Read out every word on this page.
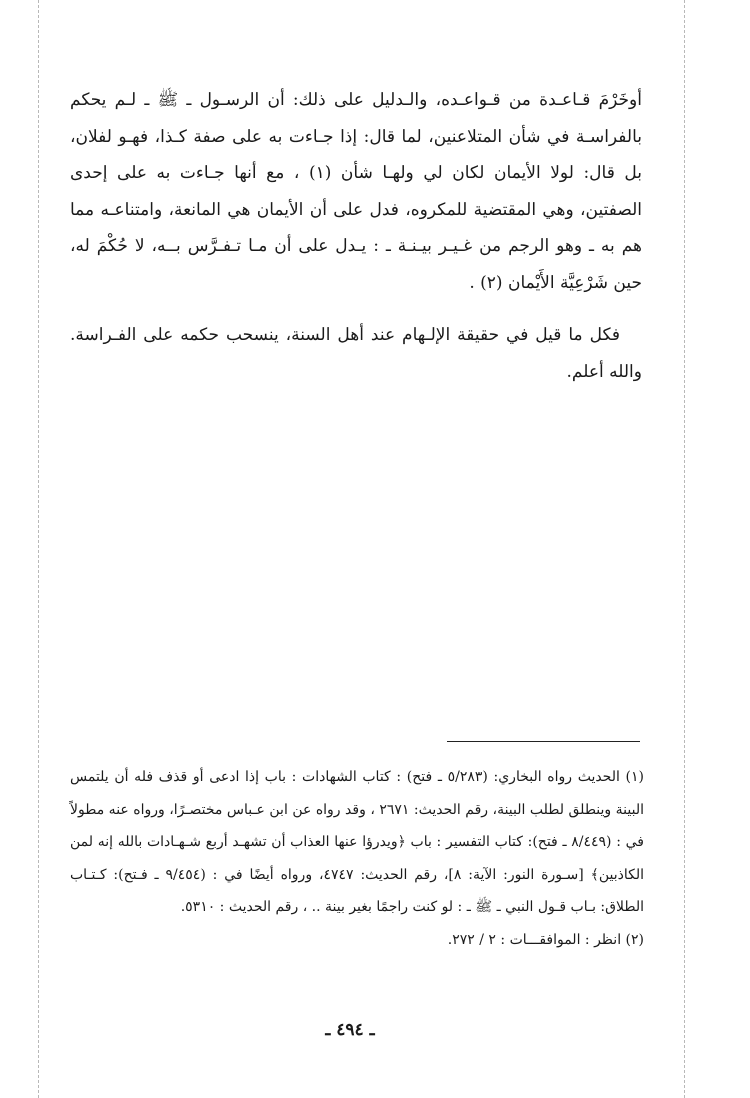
أوخَرْمَ قـاعـدة من قـواعـده، والـدليل على ذلك: أن الرسـول ـ ﷺ ـ لـم يحكم بالفراسـة في شأن المتلاعنين، لما قال: إذا جـاءت به على صفة كـذا، فهـو لفلان، بل قال: لولا الأيمان لكان لي ولهـا شأن (١) ، مع أنها جـاءت به على إحدى الصفتين، وهي المقتضية للمكروه، فدل على أن الأيمان هي المانعة، وامتناعـه مما هم به ـ وهو الرجم من غـيـر بيـنـة ـ : يـدل على أن مـا تـفـرَّس بــه، لا حُكْمَ له، حين شَرْعِيَّة الأَيْمان (٢) .

فكل ما قيل في حقيقة الإلـهام عند أهل السنة، ينسحب حكمه على الفـراسة. والله أعلم.

(١) الحديث رواه البخاري: (٥/٢٨٣ ـ فتح) : كتاب الشهادات : باب إذا ادعى أو قذف فله أن يلتمس البينة وينطلق لطلب البينة، رقم الحديث: ٢٦٧١ ، وقد رواه عن ابن عـباس مختصـرًا، ورواه عنه مطولاً في : (٨/٤٤٩ ـ فتح): كتاب التفسير : باب ﴿ويدرؤا عنها العذاب أن تشهـد أربع شـهـادات بالله إنه لمن الكاذبين﴾ [سـورة النور: الآية: ٨]، رقم الحديث: ٤٧٤٧، ورواه أيضًا في : (٩/٤٥٤ ـ فـتح): كـتـاب الطلاق: بـاب قـول النبي ـ ﷺ ـ : لو كنت راجمًا بغير بينة .. ، رقم الحديث : ٥٣١٠.

(٢) انظر : الموافقـــات : ٢ / ٢٧٢.

ـ ٤٩٤ ـ
